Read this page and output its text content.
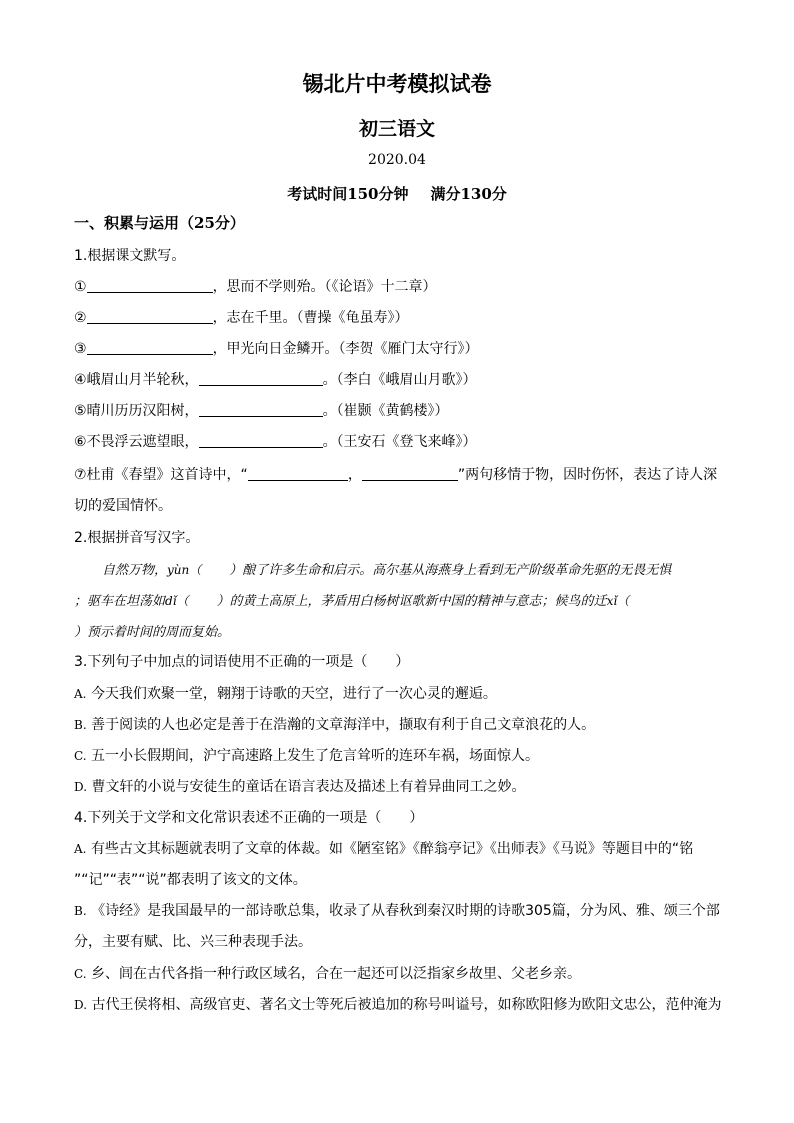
锡北片中考模拟试卷
初三语文
2020.04
考试时间150分钟 满分130分
一、积累与运用（25分）
1.根据课文默写。
①	，思而不学则殆。（《论语》十二章）
②	，志在千里。（曹操《龟虽寿》）
③	，甲光向日金鳞开。（李贺《雁门太守行》）
④峨眉山月半轮秋，	。（李白《峨眉山月歌》）
⑤晴川历历汉阳树，	。（崔颢《黄鹤楼》）
⑥不畏浮云遮望眼，	。（王安石《登飞来峰》）
⑦杜甫《春望》这首诗中，“	，	”两句移情于物，因时伤怀，表达了诗人深
切的爱国情怀。
2.根据拼音写汉字。
自然万物，yùn（ ）酿了许多生命和启示。高尔基从海燕身上看到无产阶级革命先驱的无畏无惧
；驱车在坦荡如dǐ（ ）的黄土高原上，茅盾用白杨树讴歌新中国的精神与意志；候鸟的迁xǐ（
）预示着时间的周而复始。
3.下列句子中加点的词语使用不正确的一项是（　　）
A. 今天我们欢聚一堂，翱翔于诗歌的天空，进行了一次心灵的邂逅。
B. 善于阅读的人也必定是善于在浩瀚的文章海洋中，撷取有利于自己文章浪花的人。
C. 五一小长假期间，沪宁高速路上发生了危言耸听的连环车祸，场面惊人。
D. 曹文轩的小说与安徒生的童话在语言表达及描述上有着异曲同工之妙。
4.下列关于文学和文化常识表述不正确的一项是（　　）
A. 有些古文其标题就表明了文章的体裁。如《陋室铭》《醉翁亭记》《出师表》《马说》等题目中的“铭
”“记”“表”“说”都表明了该文的文体。
B. 《诗经》是我国最早的一部诗歌总集，收录了从春秋到秦汉时期的诗歌305篇，分为风、雅、颂三个部
分，主要有赋、比、兴三种表现手法。
C. 乡、闾在古代各指一种行政区域名，合在一起还可以泛指家乡故里、父老乡亲。
D. 古代王侯将相、高级官吏、著名文士等死后被追加的称号叫谥号，如称欧阳修为欧阳文忠公，范仲淹为
